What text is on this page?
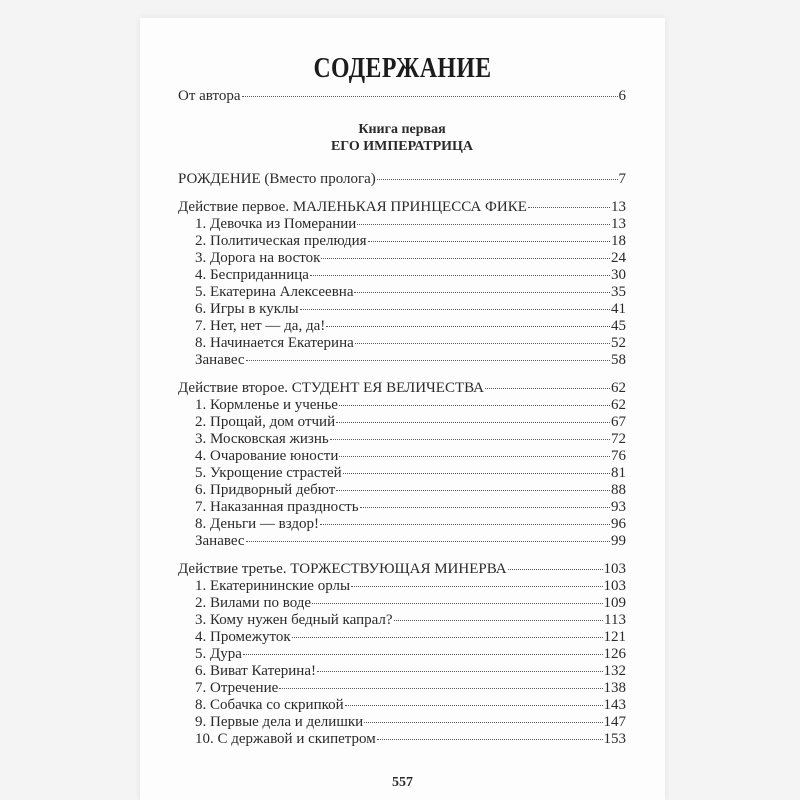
СОДЕРЖАНИЕ
От автора	6
Книга первая
ЕГО ИМПЕРАТРИЦА
РОЖДЕНИЕ (Вместо пролога)	7
Действие первое. МАЛЕНЬКАЯ ПРИНЦЕССА ФИКЕ	13
1. Девочка из Померании	13
2. Политическая прелюдия	18
3. Дорога на восток	24
4. Бесприданница	30
5. Екатерина Алексеевна	35
6. Игры в куклы	41
7. Нет, нет — да, да!	45
8. Начинается Екатерина	52
Занавес	58
Действие второе. СТУДЕНТ ЕЯ ВЕЛИЧЕСТВА	62
1. Кормленье и ученье	62
2. Прощай, дом отчий	67
3. Московская жизнь	72
4. Очарование юности	76
5. Укрощение страстей	81
6. Придворный дебют	88
7. Наказанная праздность	93
8. Деньги — вздор!	96
Занавес	99
Действие третье. ТОРЖЕСТВУЮЩАЯ МИНЕРВА	103
1. Екатерининские орлы	103
2. Вилами по воде	109
3. Кому нужен бедный капрал?	113
4. Промежуток	121
5. Дура	126
6. Виват Катерина!	132
7. Отречение	138
8. Собачка со скрипкой	143
9. Первые дела и делишки	147
10. С державой и скипетром	153
557
